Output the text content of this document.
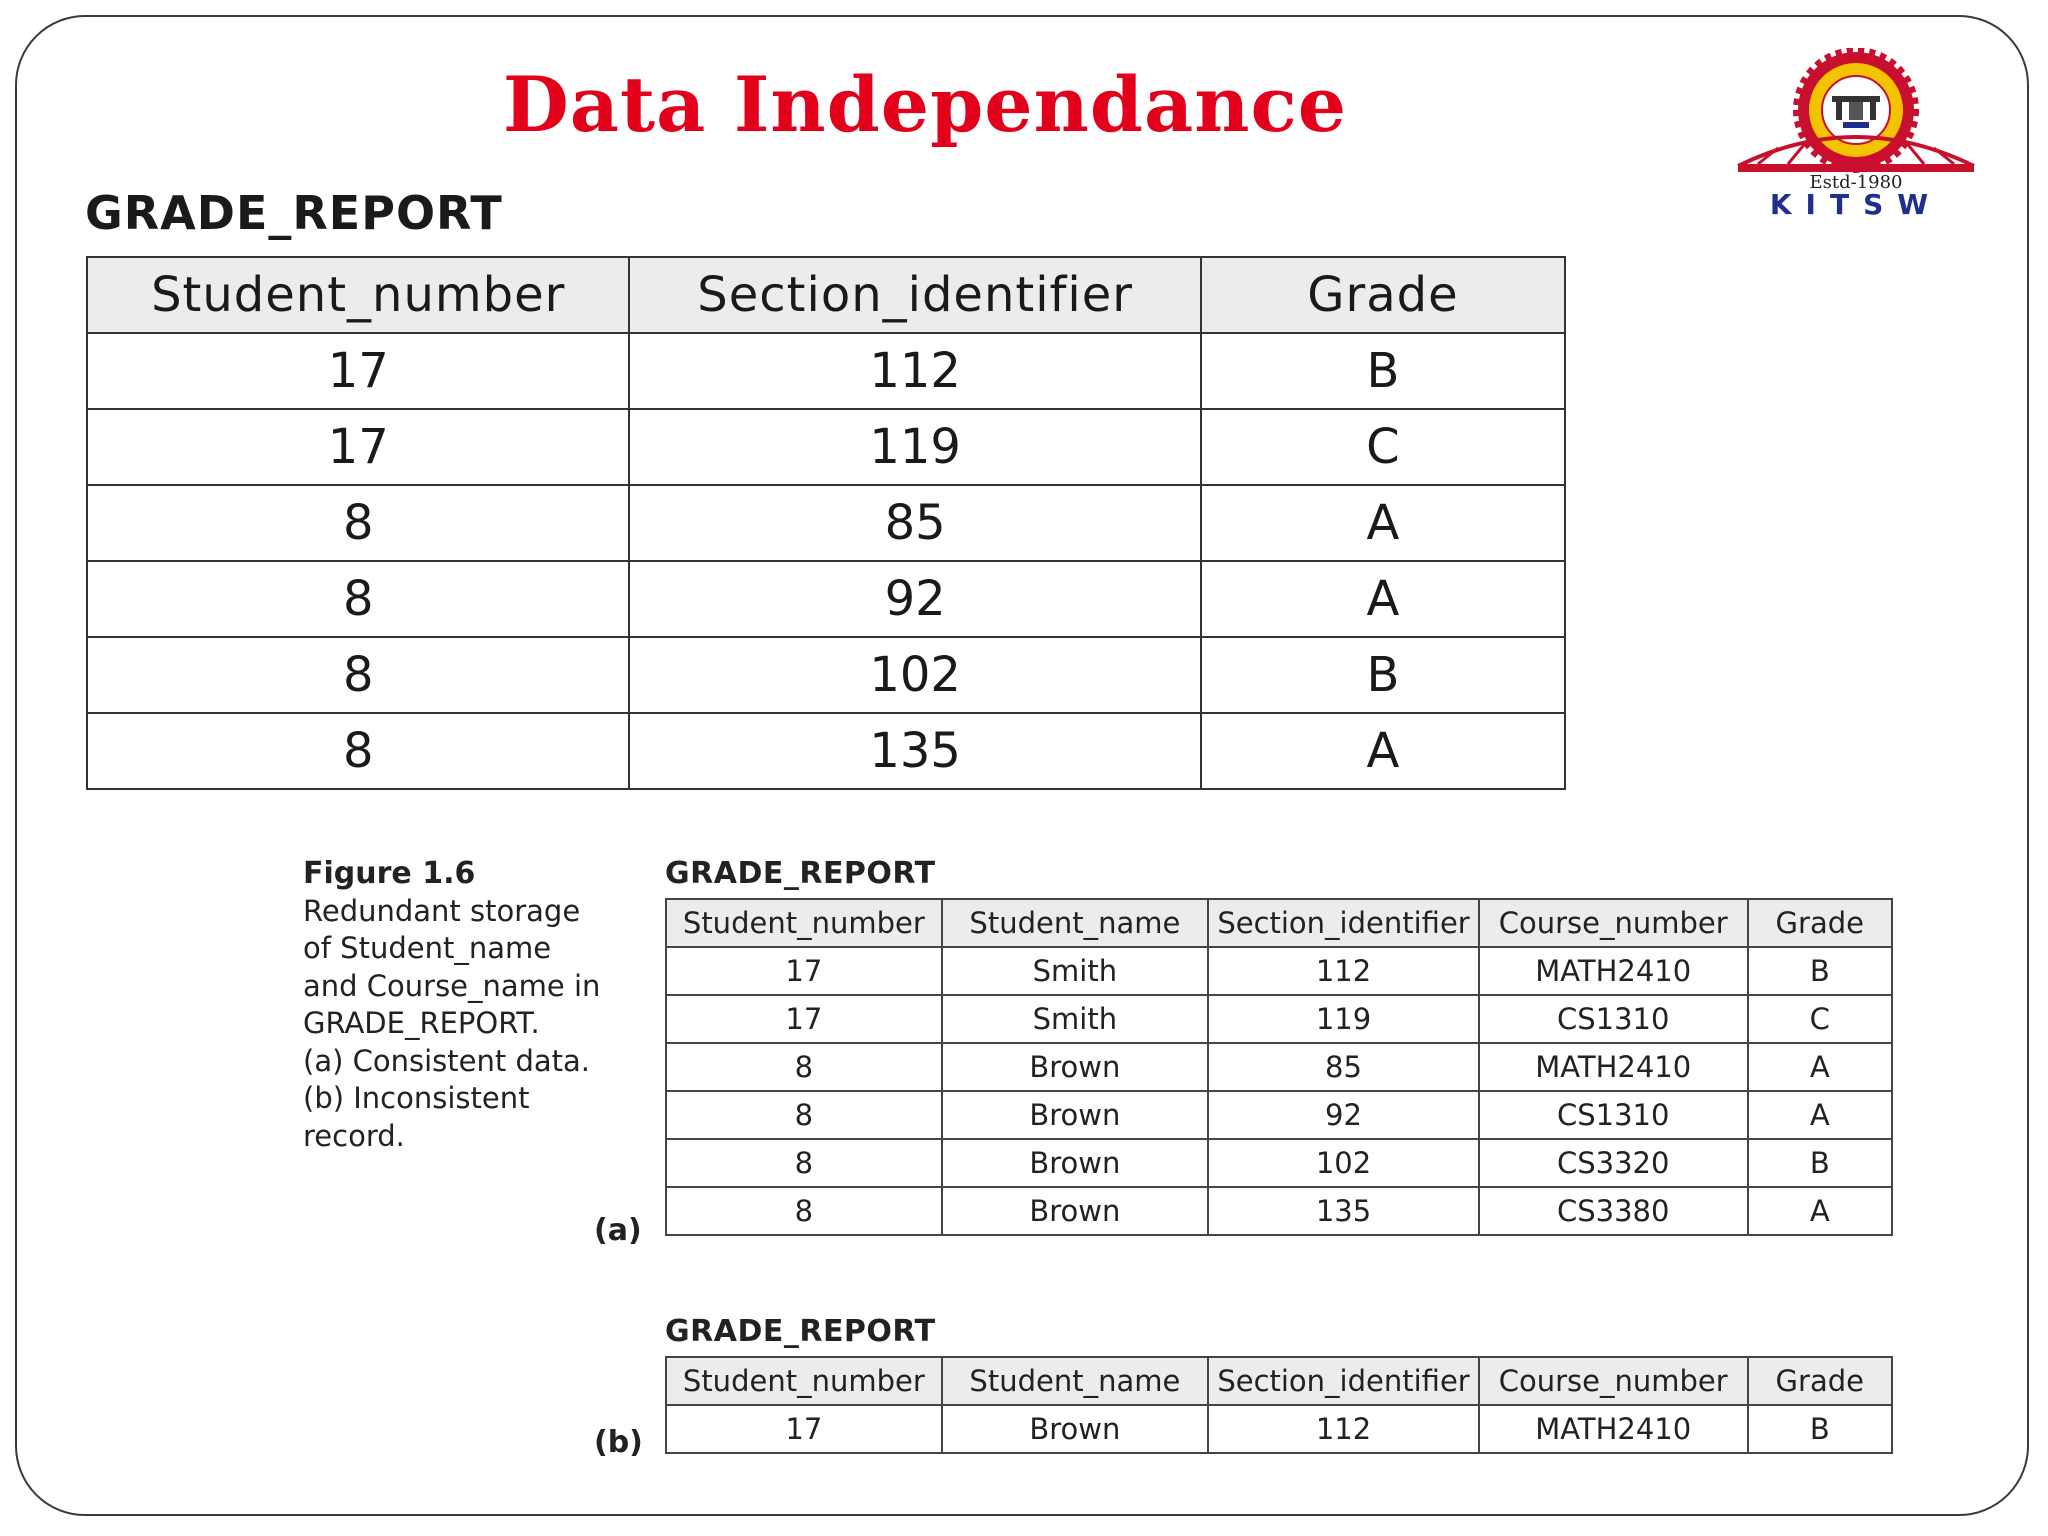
Data Independance
Estd-1980
KITSW
GRADE_REPORT
Student_number	Section_identifier	Grade
17	112	B
17	119	C
8	85	A
8	92	A
8	102	B
8	135	A
Figure 1.6
Redundant storage
of Student_name
and Course_name in
GRADE_REPORT.
(a) Consistent data.
(b) Inconsistent
record.
GRADE_REPORT
Student_number	Student_name	Section_identifier	Course_number	Grade
17	Smith	112	MATH2410	B
17	Smith	119	CS1310	C
8	Brown	85	MATH2410	A
8	Brown	92	CS1310	A
8	Brown	102	CS3320	B
8	Brown	135	CS3380	A
(a)
GRADE_REPORT
Student_number	Student_name	Section_identifier	Course_number	Grade
17	Brown	112	MATH2410	B
(b)
